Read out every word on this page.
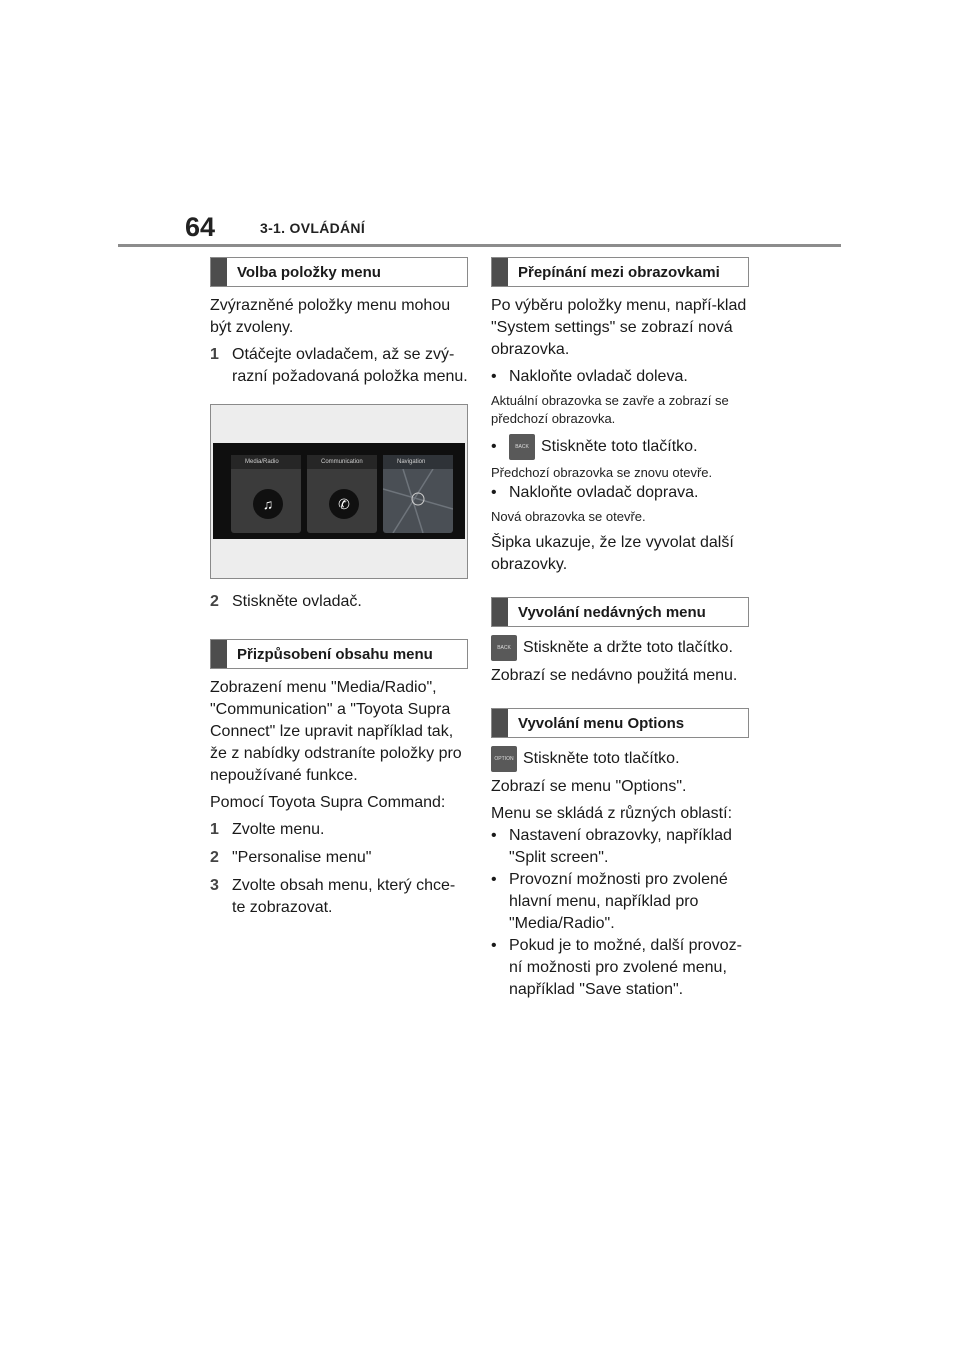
64	3-1. OVLÁDÁNÍ
Volba položky menu

Zvýrazněné položky menu mohou být zvoleny.

1 Otáčejte ovladačem, až se zvý-razní požadovaná položka menu.
Media/Radio
♫
Communication
✆
Navigation
2 Stiskněte ovladač.
Přizpůsobení obsahu menu

Zobrazení menu "Media/Radio", "Communication" a "Toyota Supra Connect" lze upravit například tak, že z nabídky odstraníte položky pro nepoužívané funkce.

Pomocí Toyota Supra Command:

1 Zvolte menu.
2 "Personalise menu"
3 Zvolte obsah menu, který chce-te zobrazovat.
Přepínání mezi obrazovkami

Po výběru položky menu, napří-klad "System settings" se zobrazí nová obrazovka.

• Nakloňte ovladač doleva.

Aktuální obrazovka se zavře a zobrazí se předchozí obrazovka.

•	BACK Stiskněte toto tlačítko.

Předchozí obrazovka se znovu otevře.

• Nakloňte ovladač doprava.

Nová obrazovka se otevře.

Šipka ukazuje, že lze vyvolat další obrazovky.

Vyvolání nedávných menu
BACK Stiskněte a držte toto tlačítko.

Zobrazí se nedávno použitá menu.

Vyvolání menu Options
OPTION Stiskněte toto tlačítko.

Zobrazí se menu "Options".

Menu se skládá z různých oblastí:

• Nastavení obrazovky, například "Split screen".
• Provozní možnosti pro zvolené hlavní menu, například pro "Media/Radio".
• Pokud je to možné, další provoz-ní možnosti pro zvolené menu, například "Save station".
